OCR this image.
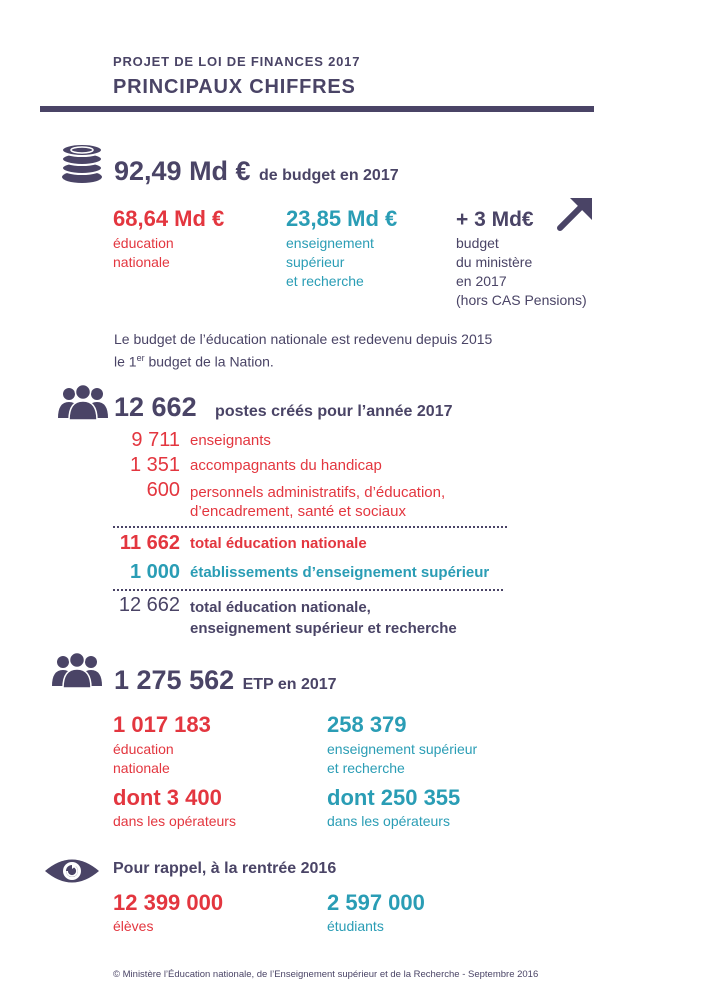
PROJET DE LOI DE FINANCES 2017
PRINCIPAUX CHIFFRES
92,49 Md € de budget en 2017
68,64 Md €
éducation
nationale
23,85 Md €
enseignement
supérieur
et recherche
+ 3 Md€
budget
du ministère
en 2017
(hors CAS Pensions)
Le budget de l’éducation nationale est redevenu depuis 2015
le 1er budget de la Nation.
12 662 postes créés pour l’année 2017
9 711 enseignants
1 351 accompagnants du handicap
600 personnels administratifs, d’éducation,
d’encadrement, santé et sociaux
11 662 total éducation nationale
1 000 établissements d’enseignement supérieur
12 662 total éducation nationale,
enseignement supérieur et recherche
1 275 562 ETP en 2017
1 017 183
éducation
nationale
258 379
enseignement supérieur
et recherche
dont 3 400
dans les opérateurs
dont 250 355
dans les opérateurs
Pour rappel, à la rentrée 2016
12 399 000
élèves
2 597 000
étudiants
© Ministère l’Éducation nationale, de l’Enseignement supérieur et de la Recherche - Septembre 2016
